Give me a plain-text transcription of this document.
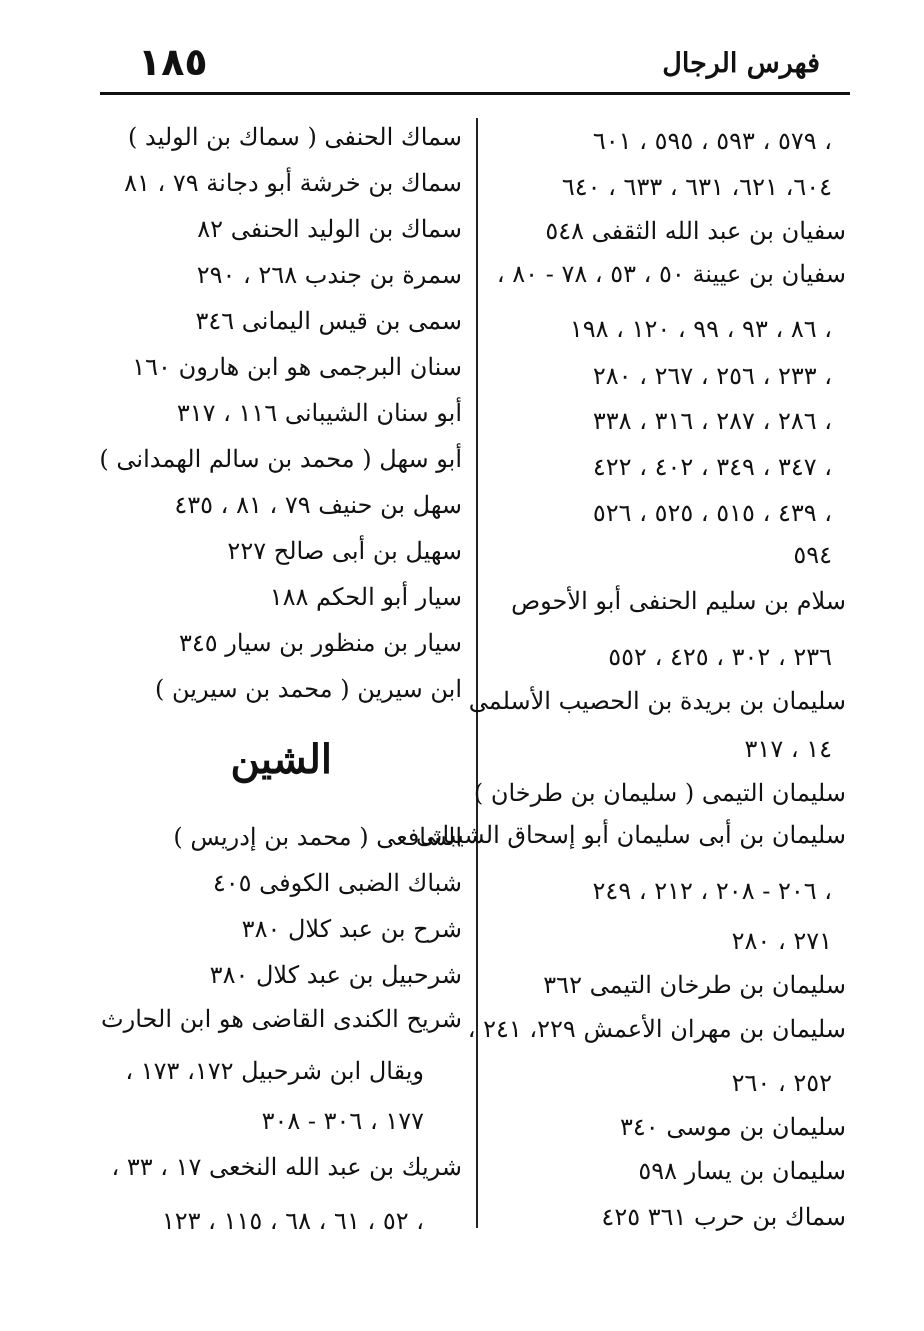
١٨٥	فهرس الرجال
٥٧٩ ، ٥٩٣ ، ٥٩٥ ، ٦٠١ ،
٦٠٤، ٦٢١، ٦٣١ ، ٦٣٣ ، ٦٤٠
سفيان بن عبد الله الثقفى ٥٤٨
سفيان بن عيينة ٥٠ ، ٥٣ ، ٧٨ - ٨٠ ،
٨٦ ، ٩٣ ، ٩٩ ، ١٢٠ ، ١٩٨ ،
٢٣٣ ، ٢٥٦ ، ٢٦٧ ، ٢٨٠ ،
٢٨٦ ، ٢٨٧ ، ٣١٦ ، ٣٣٨ ،
٣٤٧ ، ٣٤٩ ، ٤٠٢ ، ٤٢٢ ،
٤٣٩ ، ٥١٥ ، ٥٢٥ ، ٥٢٦ ،
٥٩٤
سلام بن سليم الحنفى أبو الأحوص
٢٣٦ ، ٣٠٢ ، ٤٢٥ ، ٥٥٢
سليمان بن بريدة بن الحصيب الأسلمى
١٤ ، ٣١٧
سليمان التيمى ( سليمان بن طرخان )
سليمان بن أبى سليمان أبو إسحاق الشيبانى
٢٠٦ - ٢٠٨ ، ٢١٢ ، ٢٤٩ ،
٢٧١ ، ٢٨٠
سليمان بن طرخان التيمى ٣٦٢
سليمان بن مهران الأعمش ٢٢٩، ٢٤١ ،
٢٥٢ ، ٢٦٠
سليمان بن موسى ٣٤٠
سليمان بن يسار ٥٩٨
سماك بن حرب ٣٦١ ٤٢٥
سماك الحنفى ( سماك بن الوليد )
سماك بن خرشة أبو دجانة ٧٩ ، ٨١
سماك بن الوليد الحنفى ٨٢
سمرة بن جندب ٢٦٨ ، ٢٩٠
سمى بن قيس اليمانى ٣٤٦
سنان البرجمى هو ابن هارون ١٦٠
أبو سنان الشيبانى ١١٦ ، ٣١٧
أبو سهل ( محمد بن سالم الهمدانى )
سهل بن حنيف ٧٩ ، ٨١ ، ٤٣٥
سهيل بن أبى صالح ٢٢٧
سيار أبو الحكم ١٨٨
سيار بن منظور بن سيار ٣٤٥
ابن سيرين ( محمد بن سيرين )
الشين
الشافعى ( محمد بن إدريس )
شباك الضبى الكوفى ٤٠٥
شرح بن عبد كلال ٣٨٠
شرحبيل بن عبد كلال ٣٨٠
شريح الكندى القاضى هو ابن الحارث
ويقال ابن شرحبيل ١٧٢، ١٧٣ ،
١٧٧ ، ٣٠٦ - ٣٠٨
شريك بن عبد الله النخعى ١٧ ، ٣٣ ،
٥٢ ، ٦١ ، ٦٨ ، ١١٥ ، ١٢٣ ،
